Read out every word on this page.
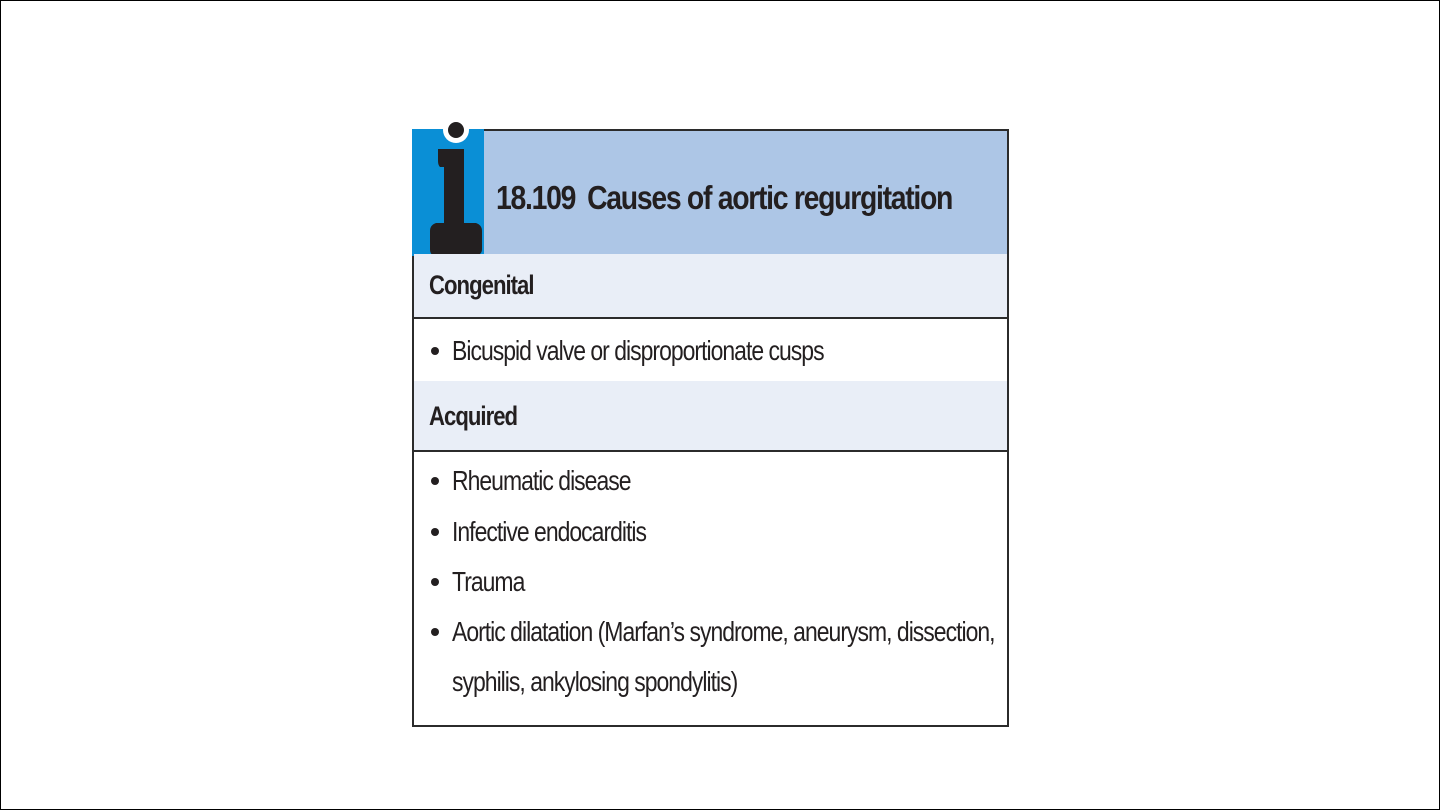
18.109 Causes of aortic regurgitation
Congenital
Bicuspid valve or disproportionate cusps
Acquired
Rheumatic disease
Infective endocarditis
Trauma
Aortic dilatation (Marfan’s syndrome, aneurysm, dissection,
syphilis, ankylosing spondylitis)
